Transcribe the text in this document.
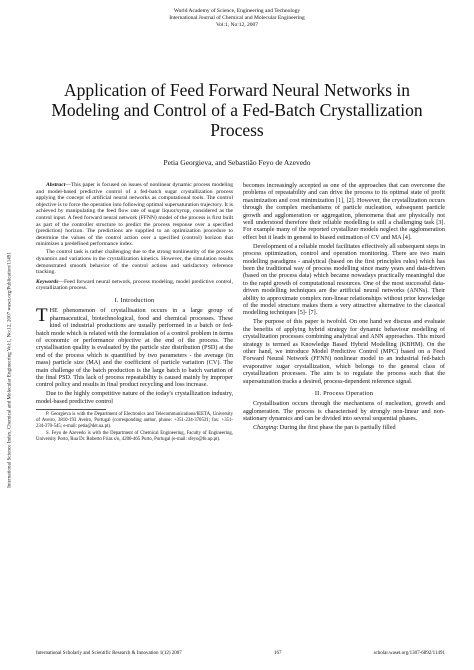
World Academy of Science, Engineering and Technology
International Journal of Chemical and Molecular Engineering
Vol:1, No:12, 2007
International Science Index, Chemical and Molecular Engineering Vol:1, No:12, 2007 waset.org/Publication/11491
Application of Feed Forward Neural Networks in Modeling and Control of a Fed-Batch Crystallization Process
Petia Georgieva, and Sebastião Feyo de Azevedo

Abstract—This paper is focused on issues of nonlinear dynamic process modeling and model-based predictive control of a fed-batch sugar crystallization process applying the concept of artificial neural networks as computational tools. The control objective is to force the operation into following optimal supersaturation trajectory. It is achieved by manipulating the feed flow rate of sugar liquor/syrup, considered as the control input. A feed forward neural network (FFNN) model of the process is first built as part of the controller structure to predict the process response over a specified (prediction) horizon. The predictions are supplied to an optimization procedure to determine the values of the control action over a specified (control) horizon that minimizes a predefined performance index.

The control task is rather challenging due to the strong nonlinearity of the process dynamics and variations in the crystallization kinetics. However, the simulation results demonstrated smooth behavior of the control actions and satisfactory reference tracking.

Keywords—Feed forward neural network, process modeling, model predictive control, crystallization process.

I. Introduction

THE phenomenon of crystallisation occurs in a large group of pharmaceutical, biotechnological, food and chemical processes. These kind of industrial productions are usually performed in a batch or fed-batch mode which is related with the formulation of a control problem in terms of economic or performance objective at the end of the process. The crystallisation quality is evaluated by the particle size distribution (PSD) at the end of the process which is quantified by two parameters - the average (in mass) particle size (MA) and the coefficient of particle variation (CV). The main challenge of the batch production is the large batch to batch variation of the final PSD. This lack of process repeatability is caused mainly by improper control policy and results in final product recycling and loss increase.

Due to the highly competitive nature of the today's crystallization industry, model-based predictive control

P. Georgieva is with the Department of Electronics and Telecommunications/IEETA, University of Aveiro, 3810-193 Aveiro, Portugal (corresponding author, phone: +351-234-370531; fax: +351-234-370-545; e-mail: petia@det.ua.pt).

S. Feyo de Azevedo is with the Department of Chemical Engineering, Faculty of Engineering, University Porto, Rua Dr. Roberto Frias s/n, 4200-465 Porto, Portugal (e-mail: sfeyo@fe.up.pt).

becomes increasingly accepted as one of the approaches that can overcome the problems of repeatability and can drive the process to its optimal state of profit maximization and cost minimization [1], [2]. However, the crystallization occurs through the complex mechanisms of particle nucleation, subsequent particle growth and agglomeration or aggregation, phenomena that are physically not well understood therefore their reliable modelling is still a challenging task [3]. For example many of the reported crystallizer models neglect the agglomeration effect but it leads in general to biased estimation of CV and MA [4].

Development of a reliable model facilitates effectively all subsequent steps in process optimization, control and operation monitoring. There are two main modelling paradigms - analytical (based on the first principles rules) which has been the traditional way of process modelling since many years and data-driven (based on the process data) which became nowadays practically meaningful due to the rapid growth of computational resources. One of the most successful data-driven modelling techniques are the artificial neural networks (ANNs). Their ability to approximate complex non-linear relationships without prior knowledge of the model structure makes them a very attractive alternative to the classical modelling techniques [5]- [7].

The purpose of this paper is twofold. On one hand we discuss and evaluate the benefits of applying hybrid strategy for dynamic behaviour modelling of crystallization processes combining analytical and ANN approaches. This mixed strategy is termed as Knowledge Based Hybrid Modelling (KBHM). On the other hand, we introduce Model Predictive Control (MPC) based on a Feed Forward Neural Network (FFNN) nonlinear model to an industrial fed-batch evaporative sugar crystallization, which belongs to the general class of crystallization processes. The aim is to regulate the process such that the supersaturation tracks a desired, process-dependent reference signal.

II. Process Operation

Crystallisation occurs through the mechanisms of nucleation, growth and agglomeration. The process is characterised by strongly non-linear and non-stationary dynamics and can be divided into several sequential phases.

Charging: During the first phase the pan is partially filled

International Scholarly and Scientific Research & Innovation 1(12) 2007	167	scholar.waset.org/1307-6892/11491
